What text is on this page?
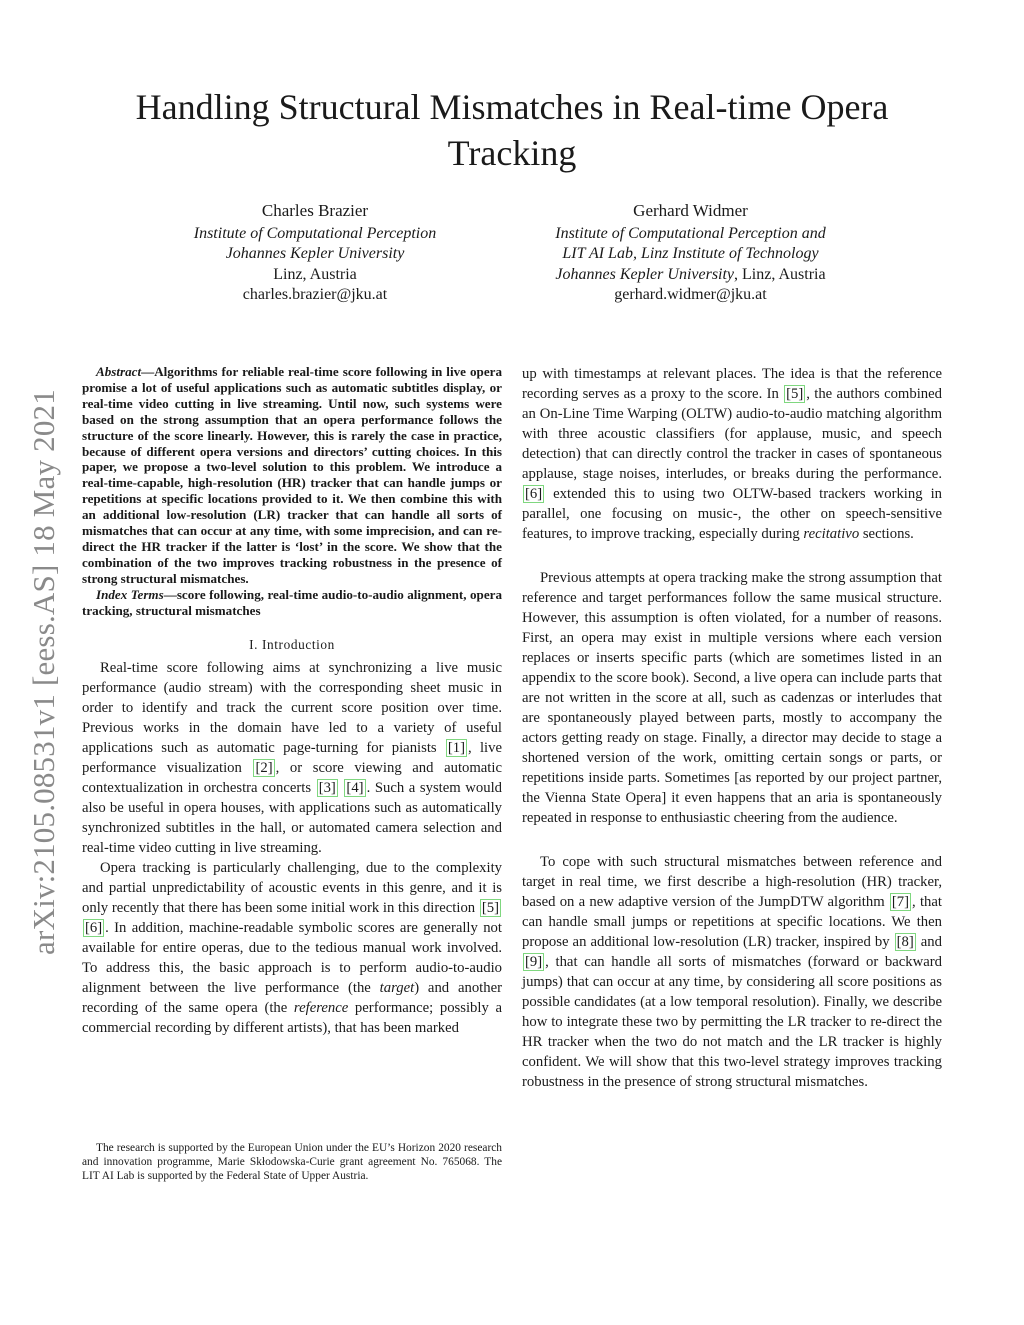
arXiv:2105.08531v1 [eess.AS] 18 May 2021
Handling Structural Mismatches in Real-time Opera Tracking
Charles Brazier
Institute of Computational Perception
Johannes Kepler University
Linz, Austria
charles.brazier@jku.at
Gerhard Widmer
Institute of Computational Perception and
LIT AI Lab, Linz Institute of Technology
Johannes Kepler University, Linz, Austria
gerhard.widmer@jku.at

Abstract—Algorithms for reliable real-time score following in live opera promise a lot of useful applications such as automatic subtitles display, or real-time video cutting in live streaming. Until now, such systems were based on the strong assumption that an opera performance follows the structure of the score linearly. However, this is rarely the case in practice, because of different opera versions and directors’ cutting choices. In this paper, we propose a two-level solution to this problem. We introduce a real-time-capable, high-resolution (HR) tracker that can handle jumps or repetitions at specific locations provided to it. We then combine this with an additional low-resolution (LR) tracker that can handle all sorts of mismatches that can occur at any time, with some imprecision, and can re-direct the HR tracker if the latter is ‘lost’ in the score. We show that the combination of the two improves tracking robustness in the presence of strong structural mismatches.

Index Terms—score following, real-time audio-to-audio alignment, opera tracking, structural mismatches

I. Introduction

Real-time score following aims at synchronizing a live music performance (audio stream) with the corresponding sheet music in order to identify and track the current score position over time. Previous works in the domain have led to a variety of useful applications such as automatic page-turning for pianists [1] , live performance visualization [2] , or score viewing and automatic contextualization in orchestra concerts [3] [4] . Such a system would also be useful in opera houses, with applications such as automatically synchronized subtitles in the hall, or automated camera selection and real-time video cutting in live streaming.

Opera tracking is particularly challenging, due to the complexity and partial unpredictability of acoustic events in this genre, and it is only recently that there has been some initial work in this direction [5] [6] . In addition, machine-readable symbolic scores are generally not available for entire operas, due to the tedious manual work involved. To address this, the basic approach is to perform audio-to-audio alignment between the live performance (the target) and another recording of the same opera (the reference performance; possibly a commercial recording by different artists), that has been marked

The research is supported by the European Union under the EU’s Horizon 2020 research and innovation programme, Marie Skłodowska-Curie grant agreement No. 765068. The LIT AI Lab is supported by the Federal State of Upper Austria.

up with timestamps at relevant places. The idea is that the reference recording serves as a proxy to the score. In [5] , the authors combined an On-Line Time Warping (OLTW) audio-to-audio matching algorithm with three acoustic classifiers (for applause, music, and speech detection) that can directly control the tracker in cases of spontaneous applause, stage noises, interludes, or breaks during the performance. [6] extended this to using two OLTW-based trackers working in parallel, one focusing on music-, the other on speech-sensitive features, to improve tracking, especially during recitativo sections.

Previous attempts at opera tracking make the strong assumption that reference and target performances follow the same musical structure. However, this assumption is often violated, for a number of reasons. First, an opera may exist in multiple versions where each version replaces or inserts specific parts (which are sometimes listed in an appendix to the score book). Second, a live opera can include parts that are not written in the score at all, such as cadenzas or interludes that are spontaneously played between parts, mostly to accompany the actors getting ready on stage. Finally, a director may decide to stage a shortened version of the work, omitting certain songs or parts, or repetitions inside parts. Sometimes [as reported by our project partner, the Vienna State Opera] it even happens that an aria is spontaneously repeated in response to enthusiastic cheering from the audience.

To cope with such structural mismatches between reference and target in real time, we first describe a high-resolution (HR) tracker, based on a new adaptive version of the JumpDTW algorithm [7] , that can handle small jumps or repetitions at specific locations. We then propose an additional low-resolution (LR) tracker, inspired by [8] and [9] , that can handle all sorts of mismatches (forward or backward jumps) that can occur at any time, by considering all score positions as possible candidates (at a low temporal resolution). Finally, we describe how to integrate these two by permitting the LR tracker to re-direct the HR tracker when the two do not match and the LR tracker is highly confident. We will show that this two-level strategy improves tracking robustness in the presence of strong structural mismatches.
